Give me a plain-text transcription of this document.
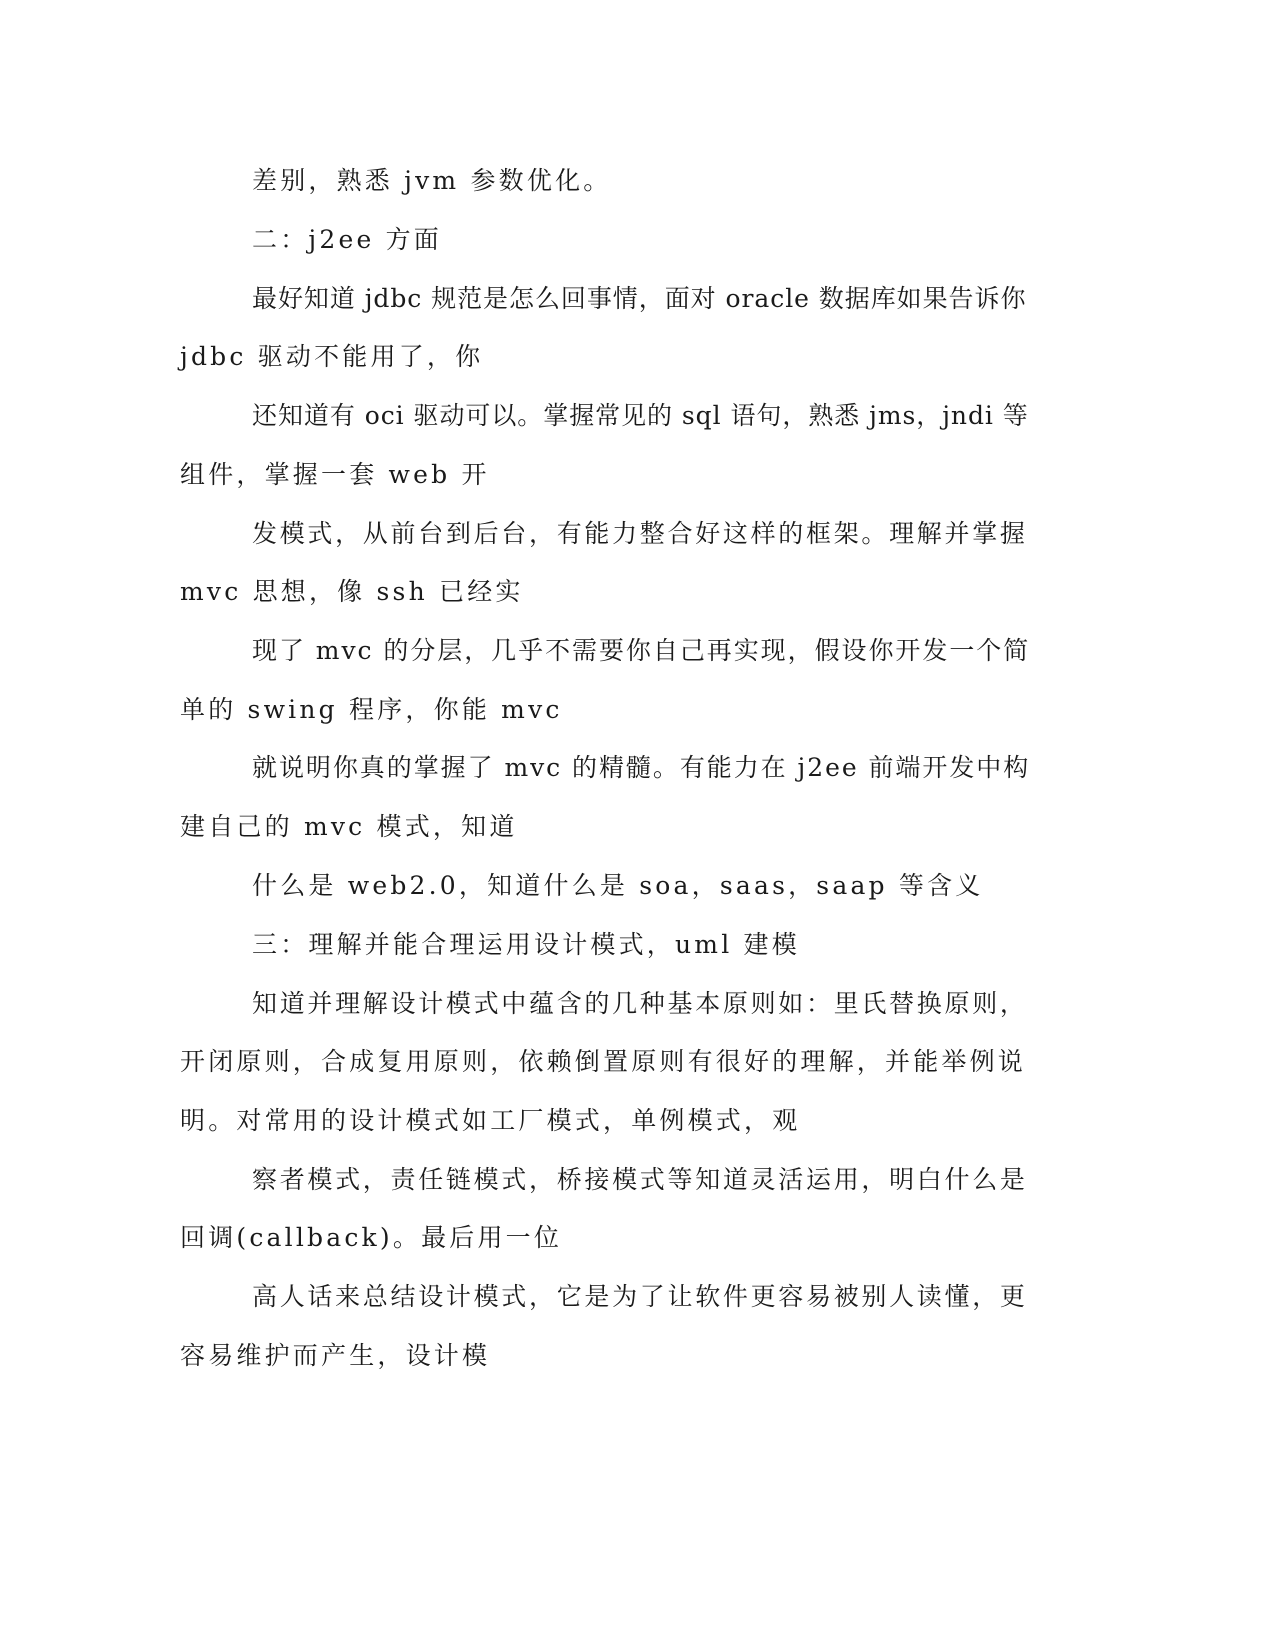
差别，熟悉 jvm 参数优化。

二：j2ee 方面

最好知道 jdbc 规范是怎么回事情，面对 oracle 数据库如果告诉你

jdbc 驱动不能用了，你

还知道有 oci 驱动可以。掌握常见的 sql 语句，熟悉 jms，jndi 等

组件，掌握一套 web 开

发模式，从前台到后台，有能力整合好这样的框架。理解并掌握

mvc 思想，像 ssh 已经实

现了 mvc 的分层，几乎不需要你自己再实现，假设你开发一个简

单的 swing 程序，你能 mvc

就说明你真的掌握了 mvc 的精髓。有能力在 j2ee 前端开发中构

建自己的 mvc 模式，知道

什么是 web2.0，知道什么是 soa，saas，saap 等含义

三：理解并能合理运用设计模式，uml 建模

知道并理解设计模式中蕴含的几种基本原则如：里氏替换原则，

开闭原则，合成复用原则，依赖倒置原则有很好的理解，并能举例说

明。对常用的设计模式如工厂模式，单例模式，观

察者模式，责任链模式，桥接模式等知道灵活运用，明白什么是

回调(callback)。最后用一位

高人话来总结设计模式，它是为了让软件更容易被别人读懂，更

容易维护而产生，设计模
